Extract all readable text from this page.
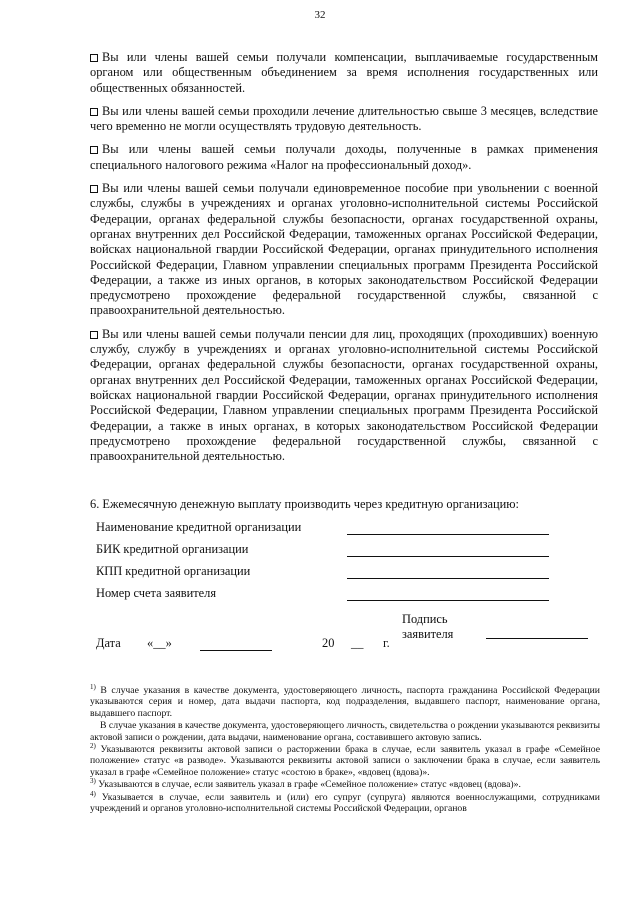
32

Вы или члены вашей семьи получали компенсации, выплачиваемые государственным органом или общественным объединением за время исполнения государственных или общественных обязанностей.

Вы или члены вашей семьи проходили лечение длительностью свыше 3 месяцев, вследствие чего временно не могли осуществлять трудовую деятельность.

Вы или члены вашей семьи получали доходы, полученные в рамках применения специального налогового режима «Налог на профессиональный доход».

Вы или члены вашей семьи получали единовременное пособие при увольнении с военной службы, службы в учреждениях и органах уголовно-исполнительной системы Российской Федерации, органах федеральной службы безопасности, органах государственной охраны, органах внутренних дел Российской Федерации, таможенных органах Российской Федерации, войсках национальной гвардии Российской Федерации, органах принудительного исполнения Российской Федерации, Главном управлении специальных программ Президента Российской Федерации, а также из иных органов, в которых законодательством Российской Федерации предусмотрено прохождение федеральной государственной службы, связанной с правоохранительной деятельностью.

Вы или члены вашей семьи получали пенсии для лиц, проходящих (проходивших) военную службу, службу в учреждениях и органах уголовно-исполнительной системы Российской Федерации, органах федеральной службы безопасности, органах государственной охраны, органах внутренних дел Российской Федерации, таможенных органах Российской Федерации, войсках национальной гвардии Российской Федерации, органах принудительного исполнения Российской Федерации, Главном управлении специальных программ Президента Российской Федерации, а также в иных органах, в которых законодательством Российской Федерации предусмотрено прохождение федеральной государственной службы, связанной с правоохранительной деятельностью.

6. Ежемесячную денежную выплату производить через кредитную организацию:
Наименование кредитной организации
БИК кредитной организации
КПП кредитной организации
Номер счета заявителя
Дата «__»	20 __ г.
Подпись
заявителя

$^{1)}$ В случае указания в качестве документа, удостоверяющего личность, паспорта гражданина Российской Федерации указываются серия и номер, дата выдачи паспорта, код подразделения, выдавшего паспорт, наименование органа, выдавшего паспорт.

В случае указания в качестве документа, удостоверяющего личность, свидетельства о рождении указываются реквизиты актовой записи о рождении, дата выдачи, наименование органа, составившего актовую запись.

$^{2)}$ Указываются реквизиты актовой записи о расторжении брака в случае, если заявитель указал в графе «Семейное положение» статус «в разводе». Указываются реквизиты актовой записи о заключении брака в случае, если заявитель указал в графе «Семейное положение» статус «состою в браке», «вдовец (вдова)».

$^{3)}$ Указываются в случае, если заявитель указал в графе «Семейное положение» статус «вдовец (вдова)».

$^{4)}$ Указывается в случае, если заявитель и (или) его супруг (супруга) являются военнослужащими, сотрудниками учреждений и органов уголовно-исполнительной системы Российской Федерации, органов
